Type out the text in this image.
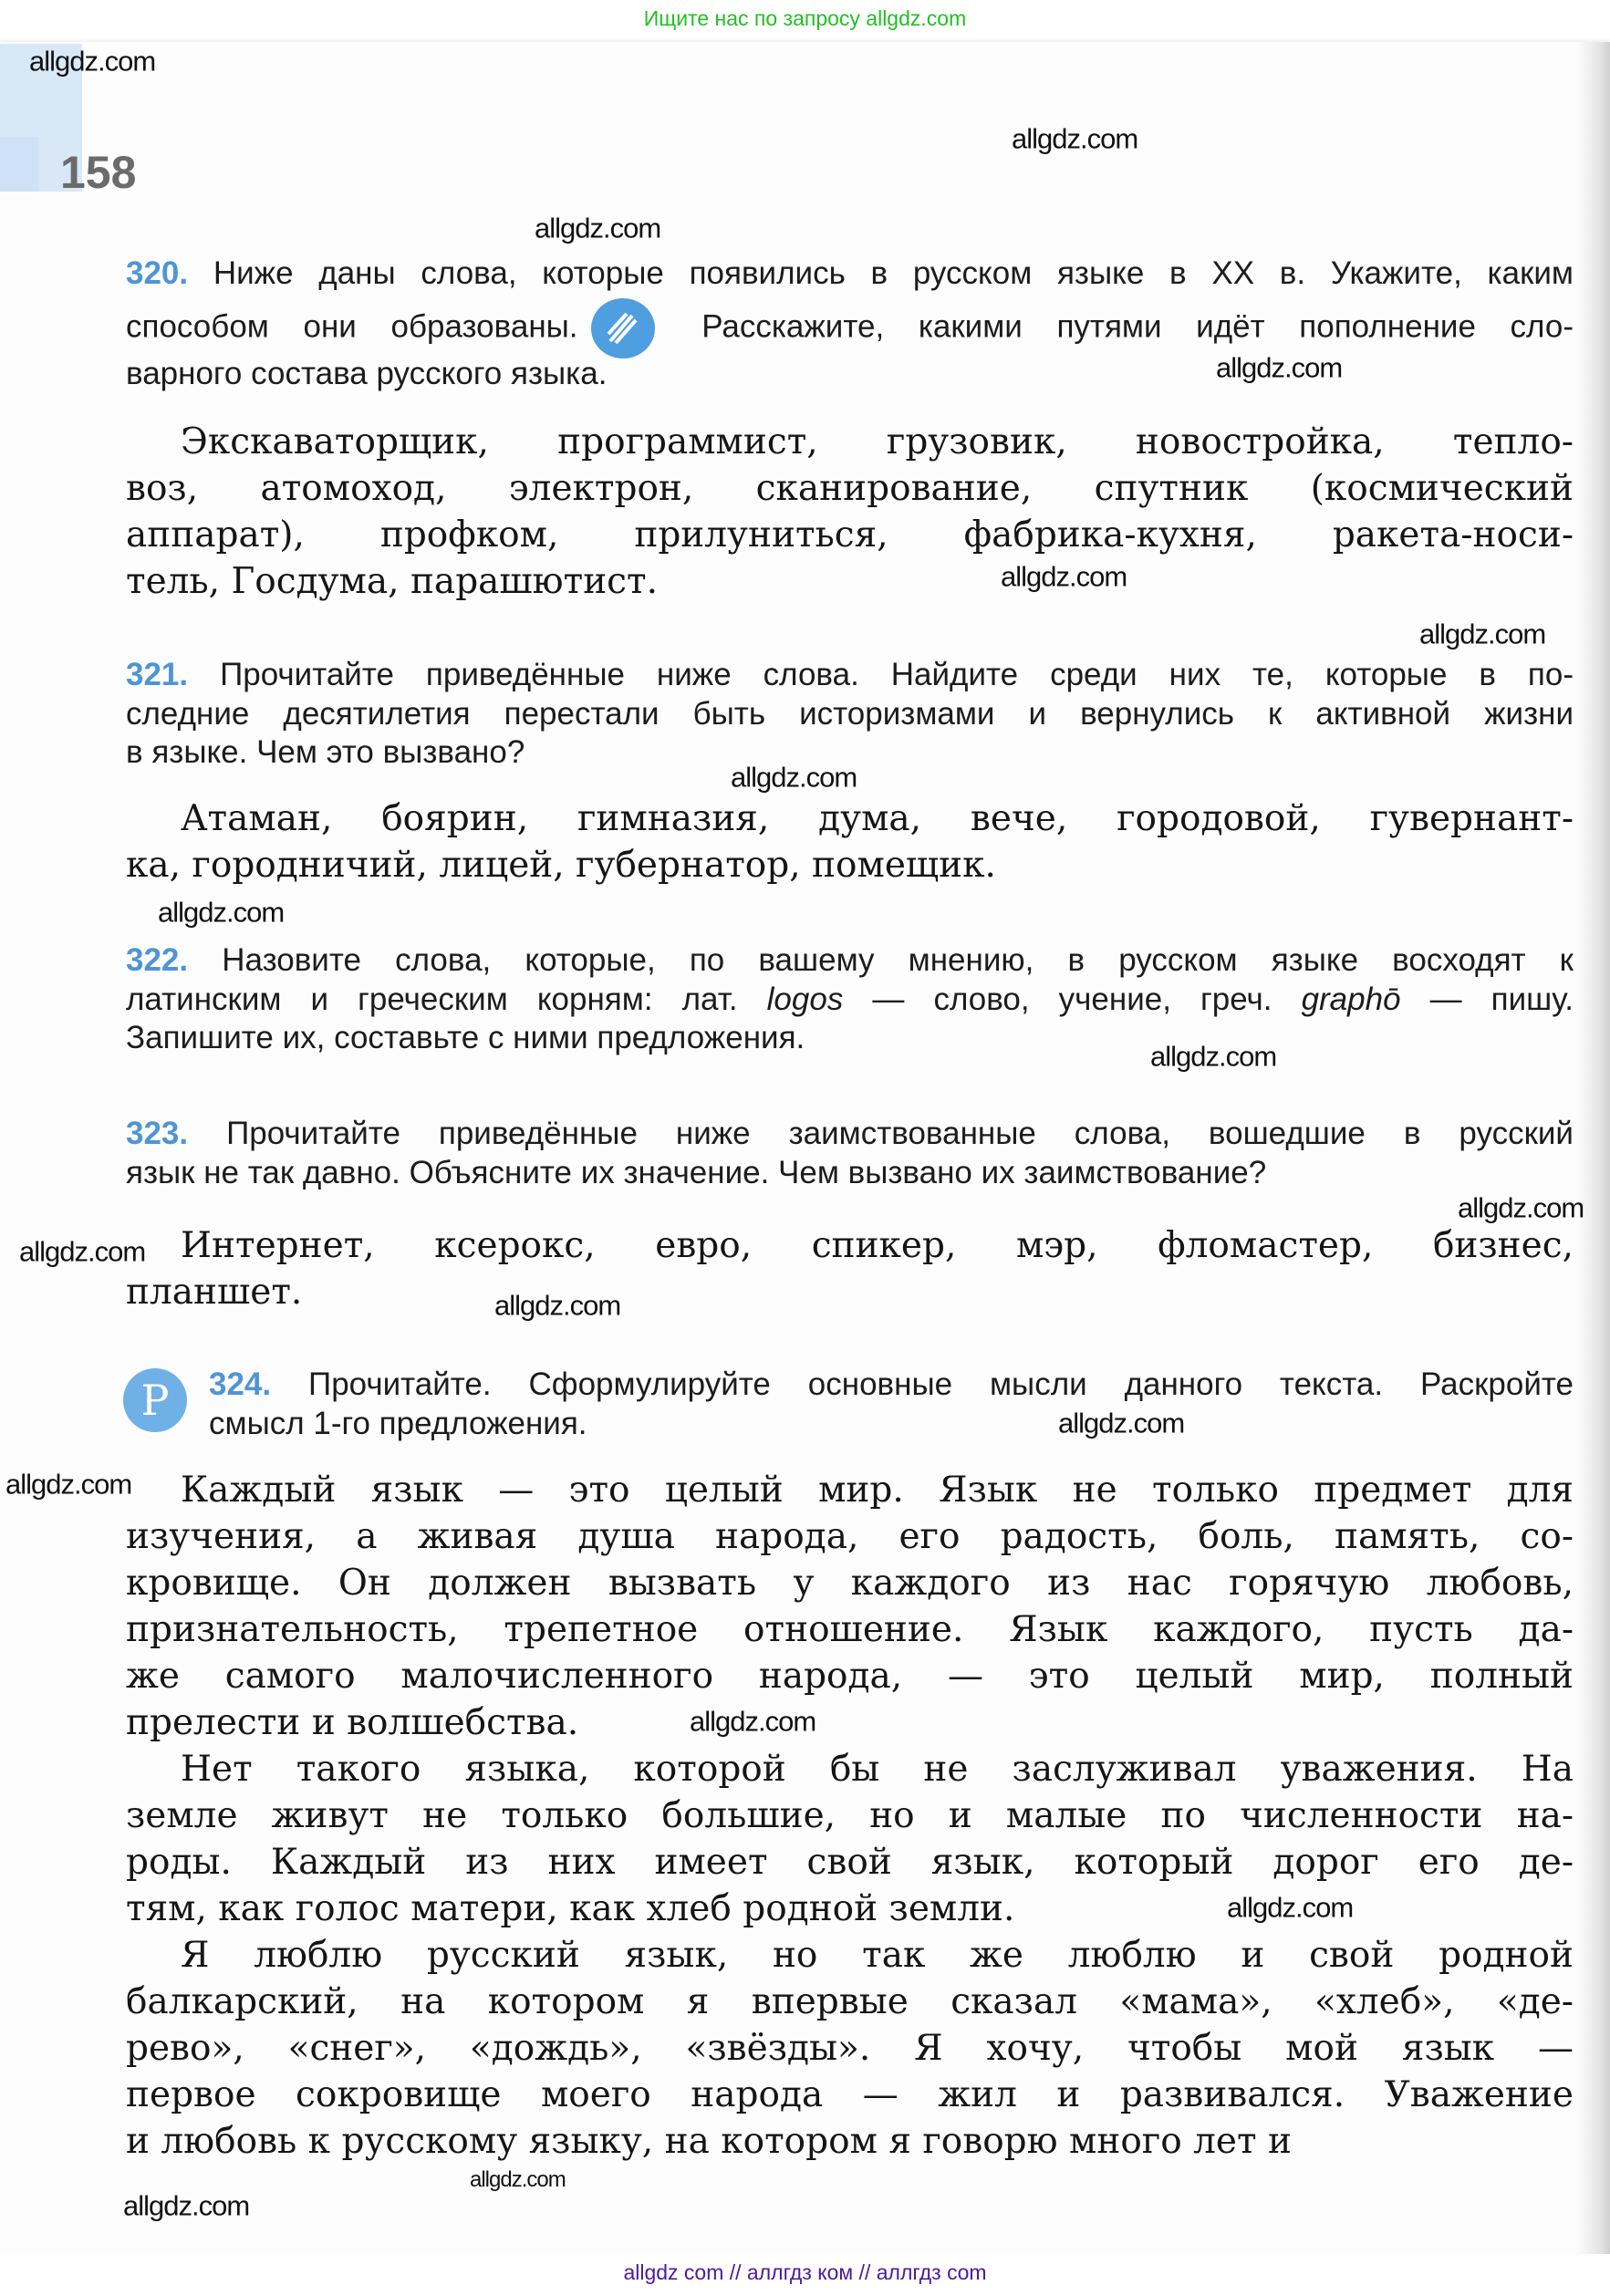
Ищите нас по запросу allgdz.com
158
320. Ниже даны слова, которые появились в русском языке в XX в. Укажите, каким
способом они образованы.	Расскажите, какими путями идёт пополнение сло-
варного состава русского языка.
Экскаваторщик, программист, грузовик, новостройка, тепло-
воз, атомоход, электрон, сканирование, спутник (космический
аппарат), профком, прилуниться, фабрика-кухня, ракета-носи-
тель, Госдума, парашютист.
321. Прочитайте приведённые ниже слова. Найдите среди них те, которые в по-
следние десятилетия перестали быть историзмами и вернулись к активной жизни
в языке. Чем это вызвано?
Атаман, боярин, гимназия, дума, вече, городовой, гувернант-
ка, городничий, лицей, губернатор, помещик.
322. Назовите слова, которые, по вашему мнению, в русском языке восходят к
латинским и греческим корням: лат. logos — слово, учение, греч. graphō — пишу.
Запишите их, составьте с ними предложения.
323. Прочитайте приведённые ниже заимствованные слова, вошедшие в русский
язык не так давно. Объясните их значение. Чем вызвано их заимствование?
Интернет, ксерокс, евро, спикер, мэр, фломастер, бизнес,
планшет.
Р	324. Прочитайте. Сформулируйте основные мысли данного текста. Раскройте
смысл 1-го предложения.
Каждый язык — это целый мир. Язык не только предмет для
изучения, а живая душа народа, его радость, боль, память, со-
кровище. Он должен вызвать у каждого из нас горячую любовь,
признательность, трепетное отношение. Язык каждого, пусть да-
же самого малочисленного народа, — это целый мир, полный
прелести и волшебства.
Нет такого языка, которой бы не заслуживал уважения. На
земле живут не только большие, но и малые по численности на-
роды. Каждый из них имеет свой язык, который дорог его де-
тям, как голос матери, как хлеб родной земли.
Я люблю русский язык, но так же люблю и свой родной
балкарский, на котором я впервые сказал «мама», «хлеб», «де-
рево», «снег», «дождь», «звёзды». Я хочу, чтобы мой язык —
первое сокровище моего народа — жил и развивался. Уважение
и любовь к русскому языку, на котором я говорю много лет и
allgdz.com
allgdz.com
allgdz.com
allgdz.com
allgdz.com
allgdz.com
allgdz.com
allgdz.com
allgdz.com
allgdz.com
allgdz.com
allgdz.com
allgdz.com
allgdz.com
allgdz.com
allgdz.com
allgdz.com
allgdz.com
allgdz com // аллгдз ком // аллгдз com
